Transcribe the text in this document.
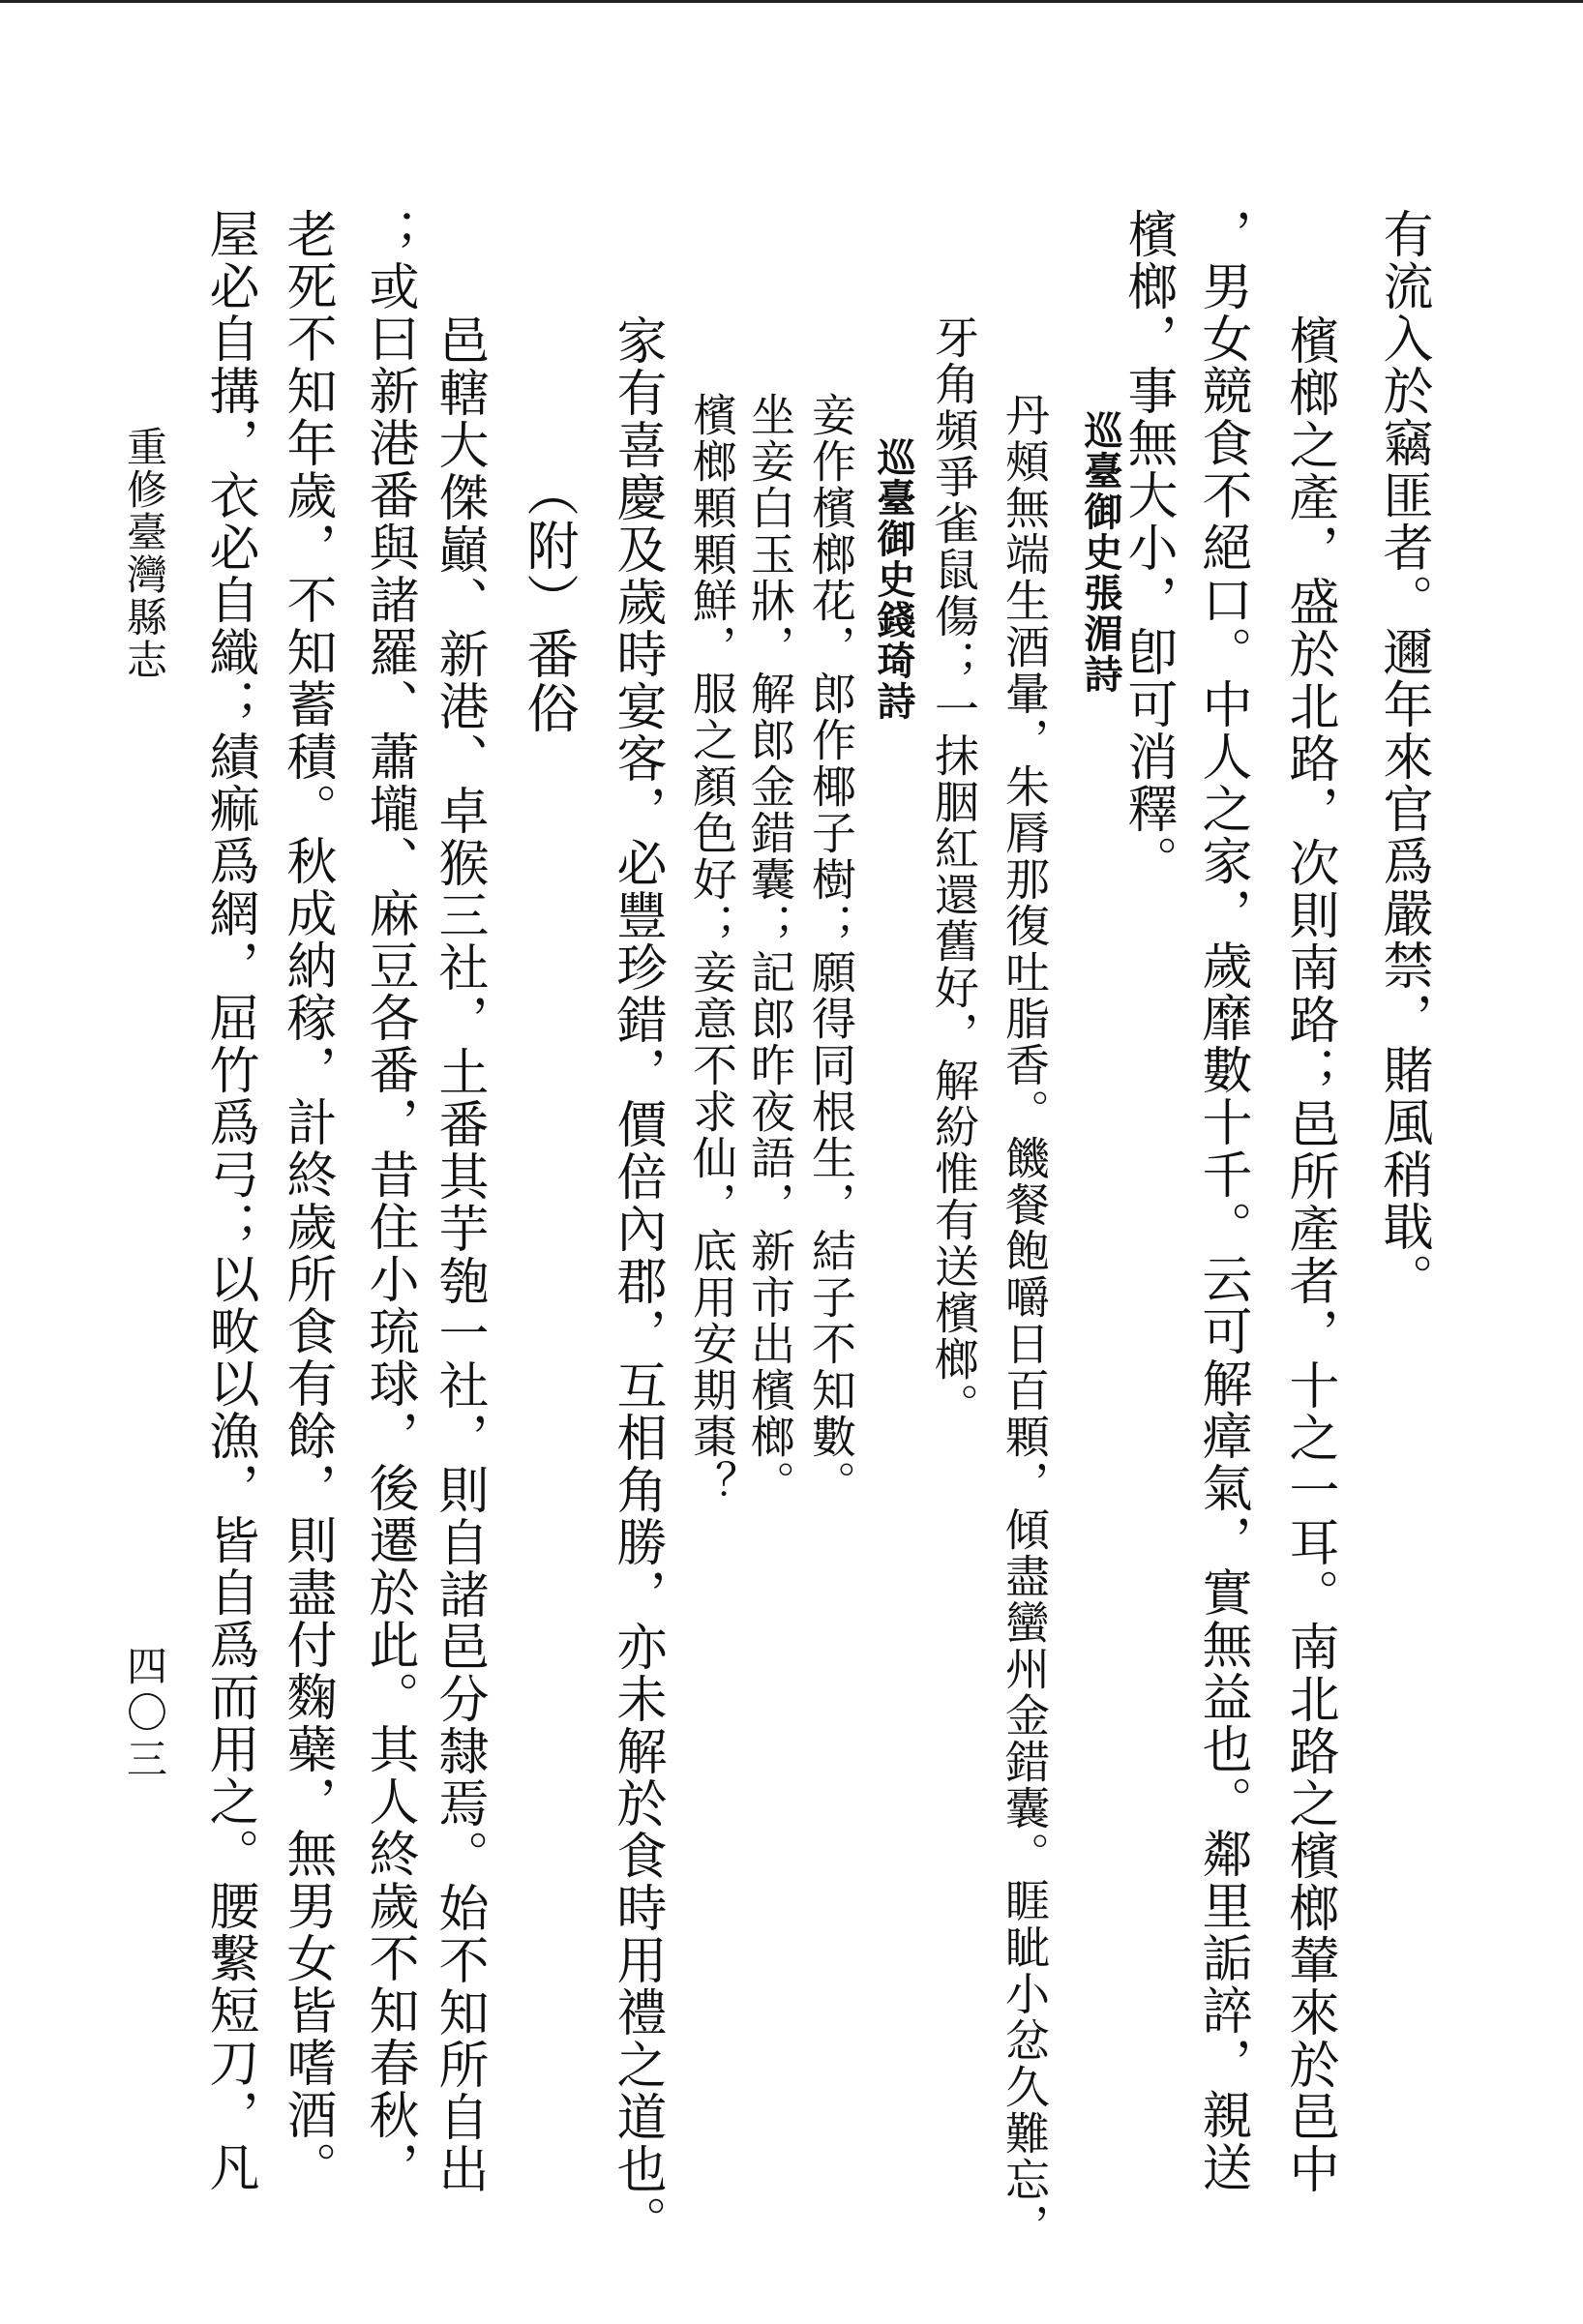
有流入於竊匪者。邇年來官爲嚴禁，賭風稍戢。
檳榔之產，盛於北路，次則南路；邑所產者，十之一耳。南北路之檳榔輦來於邑中
，男女競食不絕口。中人之家，歲靡數十千。云可解瘴氣，實無益也。鄰里詬誶，親送
檳榔，事無大小，卽可消釋。
巡臺御史張湄詩
丹頰無端生酒暈，朱脣那復吐脂香。饑餐飽嚼日百顆，傾盡蠻州金錯囊。睚眦小忿久難忘，
牙角頻爭雀鼠傷；一抹胭紅還舊好，解紛惟有送檳榔。
巡臺御史錢琦詩
妾作檳榔花，郎作椰子樹；願得同根生，結子不知數。
坐妾白玉牀，解郎金錯囊；記郎昨夜語，新市出檳榔。
檳榔顆顆鮮，服之顏色好；妾意不求仙，底用安期棗？
家有喜慶及歲時宴客，必豐珍錯，價倍內郡，互相角勝，亦未解於食時用禮之道也。
（附）番俗
邑轄大傑巓、新港、卓猴三社，土番其芋匏一社，則自諸邑分隸焉。始不知所自出
；或曰新港番與諸羅、蕭壠、麻豆各番，昔住小琉球，後遷於此。其人終歲不知春秋，
老死不知年歲，不知蓄積。秋成納稼，計終歲所食有餘，則盡付麴蘗，無男女皆嗜酒。
屋必自搆，衣必自織；績痲爲網，屈竹爲弓；以畋以漁，皆自爲而用之。腰繫短刀，凡
重修臺灣縣志
四〇三
